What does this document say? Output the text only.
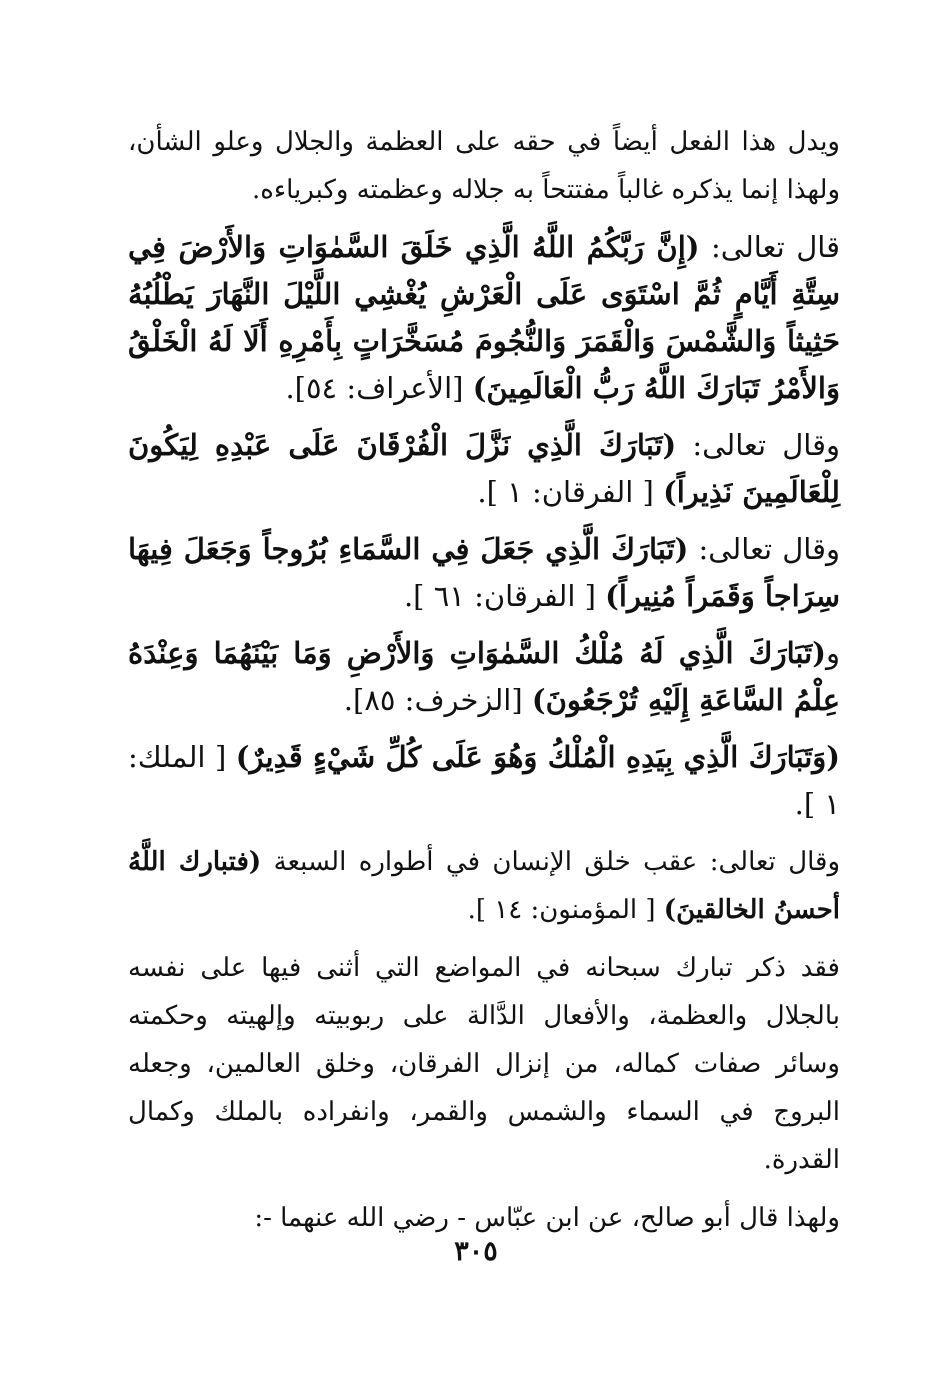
ويدل هذا الفعل أيضاً في حقه على العظمة والجلال وعلو الشأن، ولهذا إنما يذكره غالباً مفتتحاً به جلاله وعظمته وكبرياءه.

قال تعالى: (إِنَّ رَبَّكُمُ اللَّهُ الَّذِي خَلَقَ السَّمٰوَاتِ وَالأَرْضَ فِي سِتَّةِ أَيَّامٍ ثُمَّ اسْتَوَى عَلَى الْعَرْشِ يُغْشِي اللَّيْلَ النَّهَارَ يَطْلُبُهُ حَثِيثاً وَالشَّمْسَ وَالْقَمَرَ وَالنُّجُومَ مُسَخَّرَاتٍ بِأَمْرِهِ أَلَا لَهُ الْخَلْقُ وَالأَمْرُ تَبَارَكَ اللَّهُ رَبُّ الْعَالَمِينَ) [الأعراف: ٥٤].

وقال تعالى: (تَبَارَكَ الَّذِي نَزَّلَ الْفُرْقَانَ عَلَى عَبْدِهِ لِيَكُونَ لِلْعَالَمِينَ نَذِيراً) [ الفرقان: ١ ].

وقال تعالى: (تَبَارَكَ الَّذِي جَعَلَ فِي السَّمَاءِ بُرُوجاً وَجَعَلَ فِيهَا سِرَاجاً وَقَمَراً مُنِيراً) [ الفرقان: ٦١ ].

و(تَبَارَكَ الَّذِي لَهُ مُلْكُ السَّمٰوَاتِ وَالأَرْضِ وَمَا بَيْنَهُمَا وَعِنْدَهُ عِلْمُ السَّاعَةِ إِلَيْهِ تُرْجَعُونَ) [الزخرف: ٨٥].

(وَتَبَارَكَ الَّذِي بِيَدِهِ الْمُلْكُ وَهُوَ عَلَى كُلِّ شَيْءٍ قَدِيرٌ) [ الملك: ١ ].

وقال تعالى: عقب خلق الإنسان في أطواره السبعة (فتبارك اللَّهُ أحسنُ الخالقينَ) [ المؤمنون: ١٤ ].

فقد ذكر تبارك سبحانه في المواضع التي أثنى فيها على نفسه بالجلال والعظمة، والأفعال الدَّالة على ربوبيته وإلهيته وحكمته وسائر صفات كماله، من إنزال الفرقان، وخلق العالمين، وجعله البروج في السماء والشمس والقمر، وانفراده بالملك وكمال القدرة.

ولهذا قال أبو صالح، عن ابن عبّاس - رضي الله عنهما -:

٣٠٥
